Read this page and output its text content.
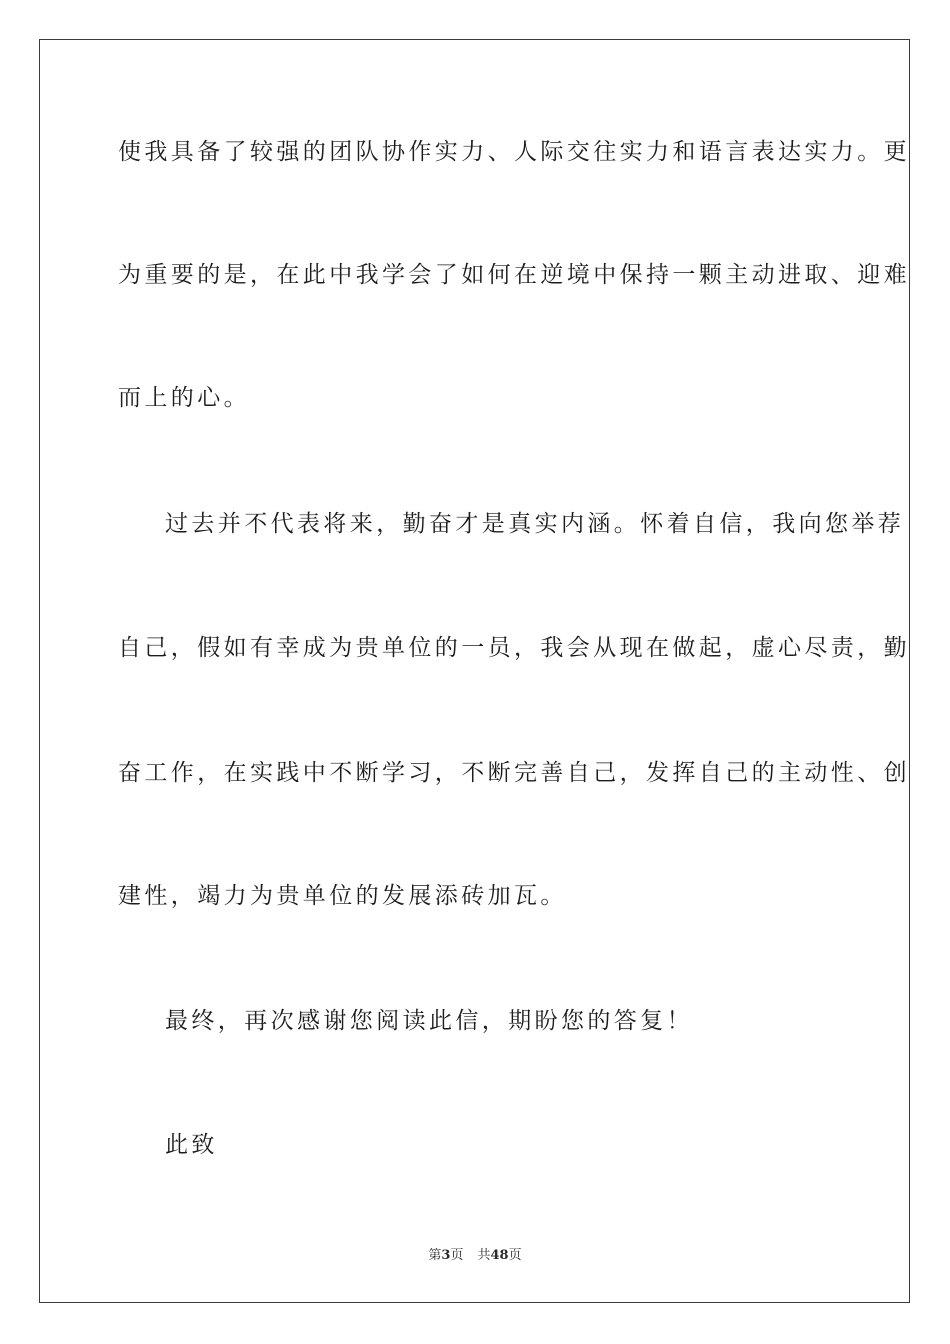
使我具备了较强的团队协作实力、人际交往实力和语言表达实力。更
为重要的是，在此中我学会了如何在逆境中保持一颗主动进取、迎难
而上的心。
过去并不代表将来，勤奋才是真实内涵。怀着自信，我向您举荐
自己，假如有幸成为贵单位的一员，我会从现在做起，虚心尽责，勤
奋工作，在实践中不断学习，不断完善自己，发挥自己的主动性、创
建性，竭力为贵单位的发展添砖加瓦。
最终，再次感谢您阅读此信，期盼您的答复！
此致
第3页 共48页
